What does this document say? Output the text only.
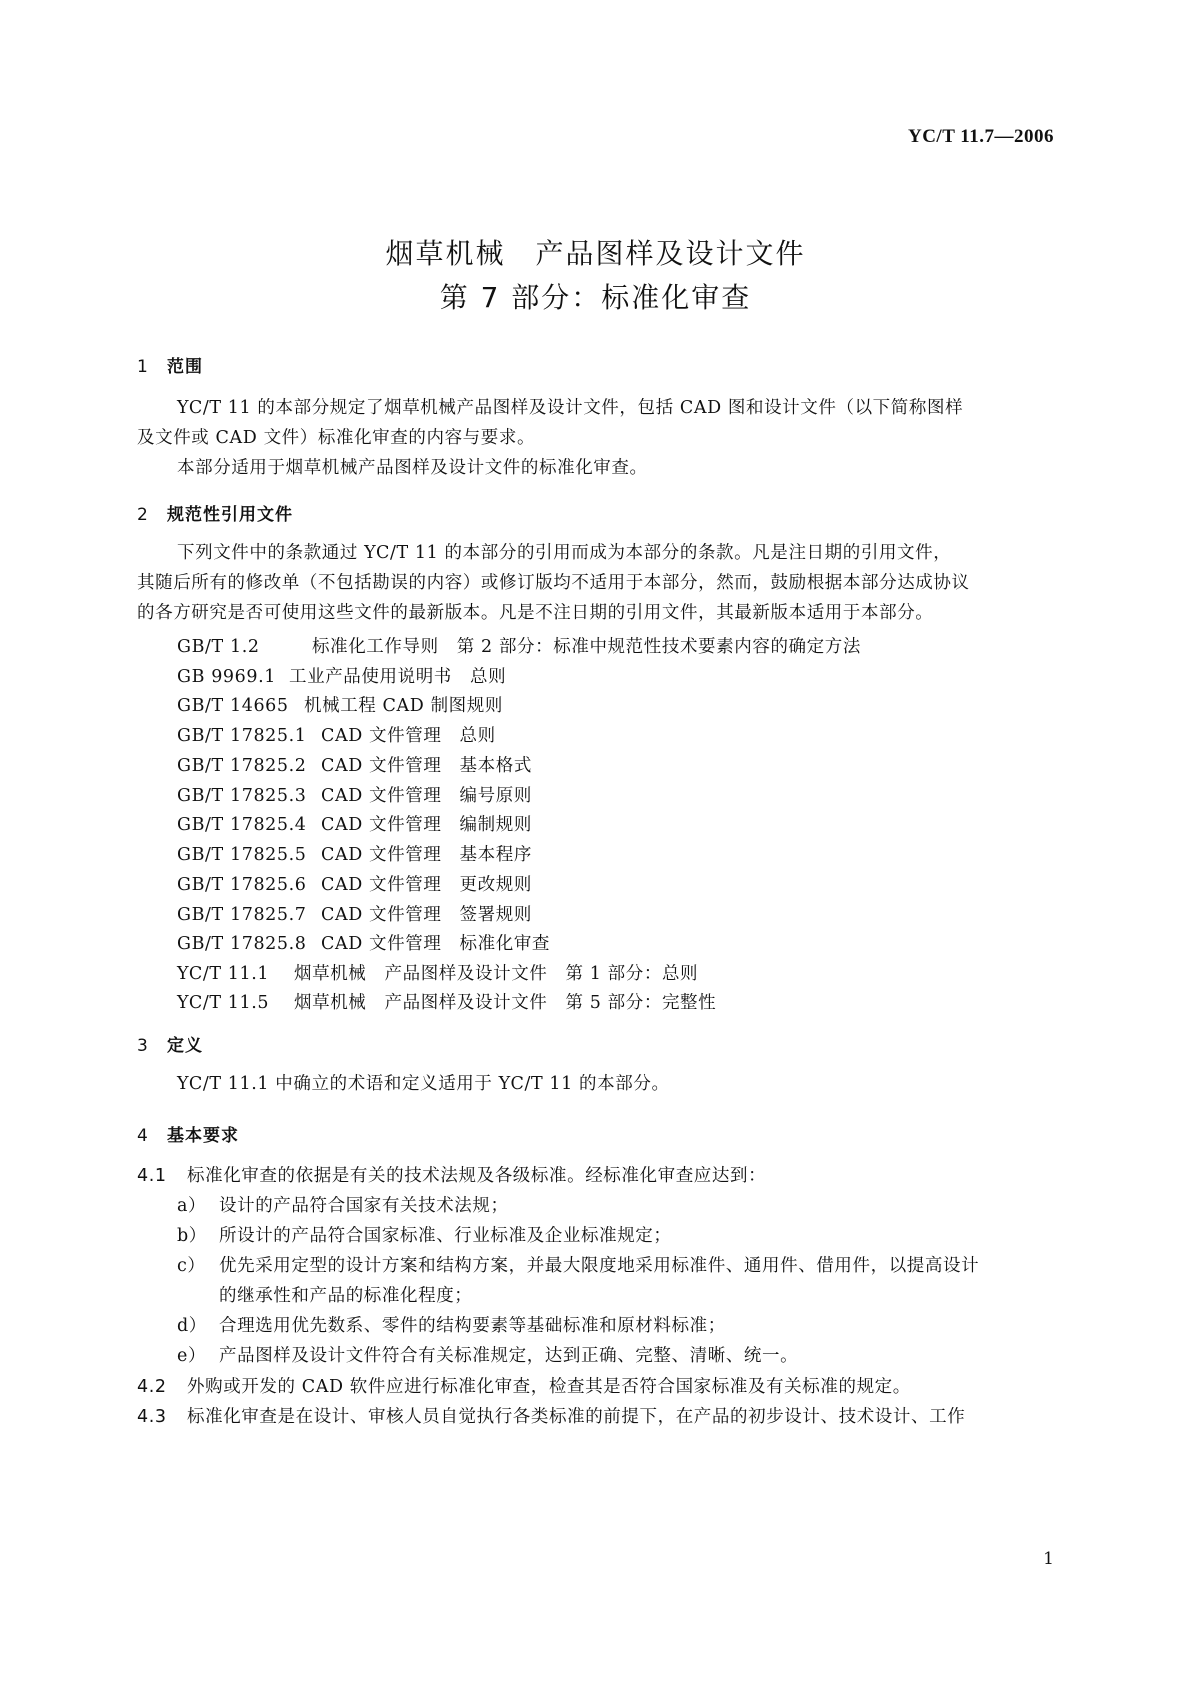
YC/T 11.7—2006
烟草机械　产品图样及设计文件
第 7 部分：标准化审查
1 范围
YC/T 11 的本部分规定了烟草机械产品图样及设计文件，包括 CAD 图和设计文件（以下简称图样
及文件或 CAD 文件）标准化审查的内容与要求。
本部分适用于烟草机械产品图样及设计文件的标准化审查。
2 规范性引用文件
下列文件中的条款通过 YC/T 11 的本部分的引用而成为本部分的条款。凡是注日期的引用文件，
其随后所有的修改单（不包括勘误的内容）或修订版均不适用于本部分，然而，鼓励根据本部分达成协议
的各方研究是否可使用这些文件的最新版本。凡是不注日期的引用文件，其最新版本适用于本部分。
GB/T 1.2	标准化工作导则　第 2 部分：标准中规范性技术要素内容的确定方法
GB 9969.1 工业产品使用说明书　总则
GB/T 14665 机械工程 CAD 制图规则
GB/T 17825.1 CAD 文件管理　总则
GB/T 17825.2 CAD 文件管理　基本格式
GB/T 17825.3 CAD 文件管理　编号原则
GB/T 17825.4 CAD 文件管理　编制规则
GB/T 17825.5 CAD 文件管理　基本程序
GB/T 17825.6 CAD 文件管理　更改规则
GB/T 17825.7 CAD 文件管理　签署规则
GB/T 17825.8 CAD 文件管理　标准化审查
YC/T 11.1 烟草机械　产品图样及设计文件　第 1 部分：总则
YC/T 11.5 烟草机械　产品图样及设计文件　第 5 部分：完整性
3 定义
YC/T 11.1 中确立的术语和定义适用于 YC/T 11 的本部分。
4 基本要求
4.1 标准化审查的依据是有关的技术法规及各级标准。经标准化审查应达到：
a） 设计的产品符合国家有关技术法规；
b） 所设计的产品符合国家标准、行业标准及企业标准规定；
c） 优先采用定型的设计方案和结构方案，并最大限度地采用标准件、通用件、借用件，以提高设计
的继承性和产品的标准化程度；
d） 合理选用优先数系、零件的结构要素等基础标准和原材料标准；
e） 产品图样及设计文件符合有关标准规定，达到正确、完整、清晰、统一。
4.2 外购或开发的 CAD 软件应进行标准化审查，检查其是否符合国家标准及有关标准的规定。
4.3 标准化审查是在设计、审核人员自觉执行各类标准的前提下，在产品的初步设计、技术设计、工作
1
